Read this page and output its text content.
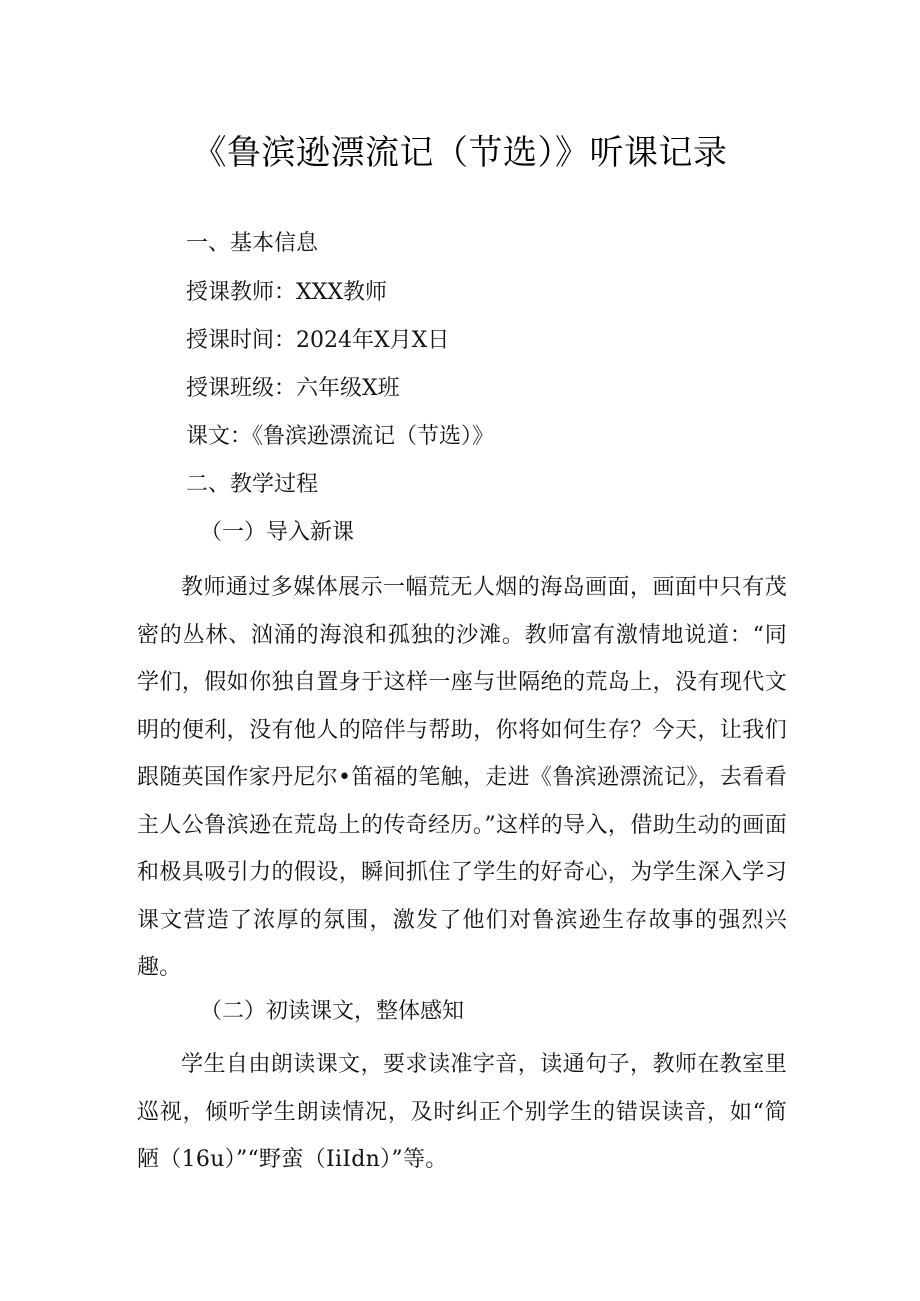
《鲁滨逊漂流记（节选）》听课记录
一、基本信息
授课教师：XXX教师
授课时间：2024年X月X日
授课班级：六年级X班
课文：《鲁滨逊漂流记（节选）》
二、教学过程
（一）导入新课
教师通过多媒体展示一幅荒无人烟的海岛画面，画面中只有茂密的丛林、汹涌的海浪和孤独的沙滩。教师富有激情地说道：“同学们，假如你独自置身于这样一座与世隔绝的荒岛上，没有现代文明的便利，没有他人的陪伴与帮助，你将如何生存？今天，让我们跟随英国作家丹尼尔•笛福的笔触，走进《鲁滨逊漂流记》，去看看主人公鲁滨逊在荒岛上的传奇经历。”这样的导入，借助生动的画面和极具吸引力的假设，瞬间抓住了学生的好奇心，为学生深入学习课文营造了浓厚的氛围，激发了他们对鲁滨逊生存故事的强烈兴趣。
（二）初读课文，整体感知
学生自由朗读课文，要求读准字音，读通句子，教师在教室里巡视，倾听学生朗读情况，及时纠正个别学生的错误读音，如“简陋（16u）”“野蛮（IiIdn）”等。
